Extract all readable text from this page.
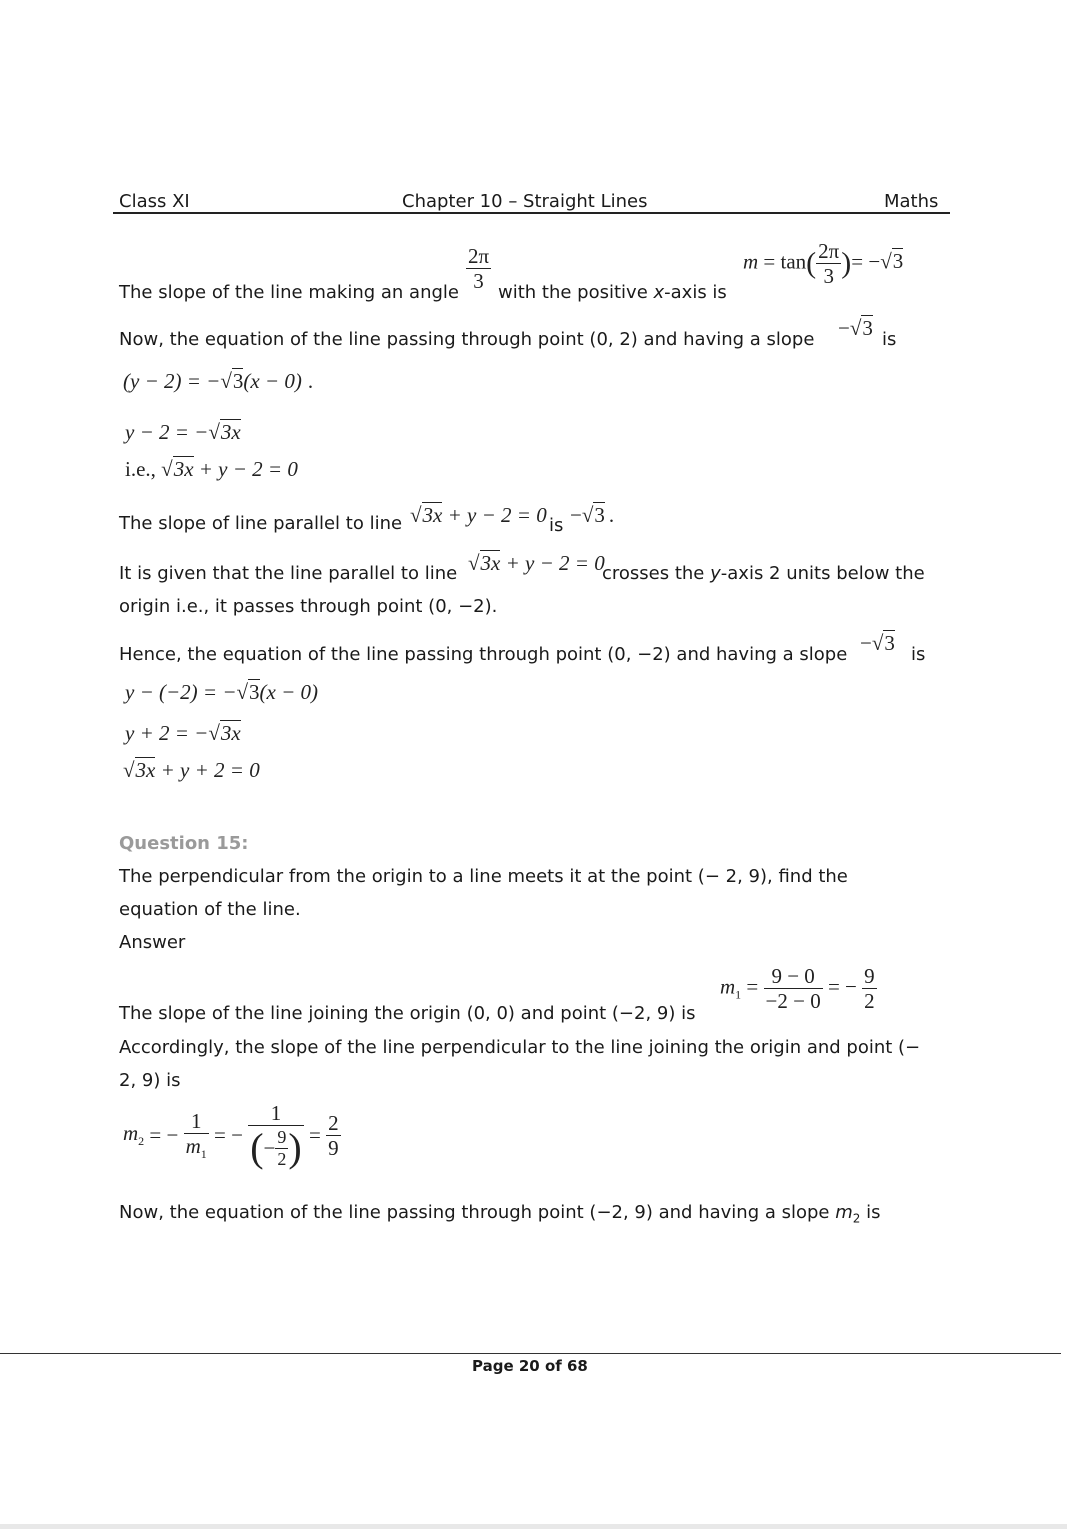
Class XI	Chapter 10 – Straight Lines	Maths
The slope of the line making an angle
$\frac{2\pi}{3}$
with the positive x-axis is
$m = \tan( \frac{2\pi}{3}$ )= −√3
Now, the equation of the line passing through point (0, 2) and having a slope −√3 is
(y − 2) = −√3(x − 0) .
y − 2 = −√3x
i.e., √3x + y − 2 = 0
The slope of line parallel to line √3x + y − 2 = 0 is −√3 .
It is given that the line parallel to line √3x + y − 2 = 0
crosses the y-axis 2 units below the
origin i.e., it passes through point (0, −2).
Hence, the equation of the line passing through point (0, −2) and having a slope −√3 is
y − (−2) = −√3(x − 0)
y + 2 = −√3x
√3x + y + 2 = 0
Question 15:
The perpendicular from the origin to a line meets it at the point (− 2, 9), find the
equation of the line.
Answer
The slope of the line joining the origin (0, 0) and point (−2, 9) is
$m_1 = \frac{9 - 0}{-2 - 0}$ = − $\frac{9}{2}$
Accordingly, the slope of the line perpendicular to the line joining the origin and point (−
2, 9) is
$m_2$ = − $\frac{1}{m_1}$ = − $\frac{1}{(- \frac{9}{2} )} = \frac{2}{9}$
Now, the equation of the line passing through point (−2, 9) and having a slope $m_2$ is
Page 20 of 68
